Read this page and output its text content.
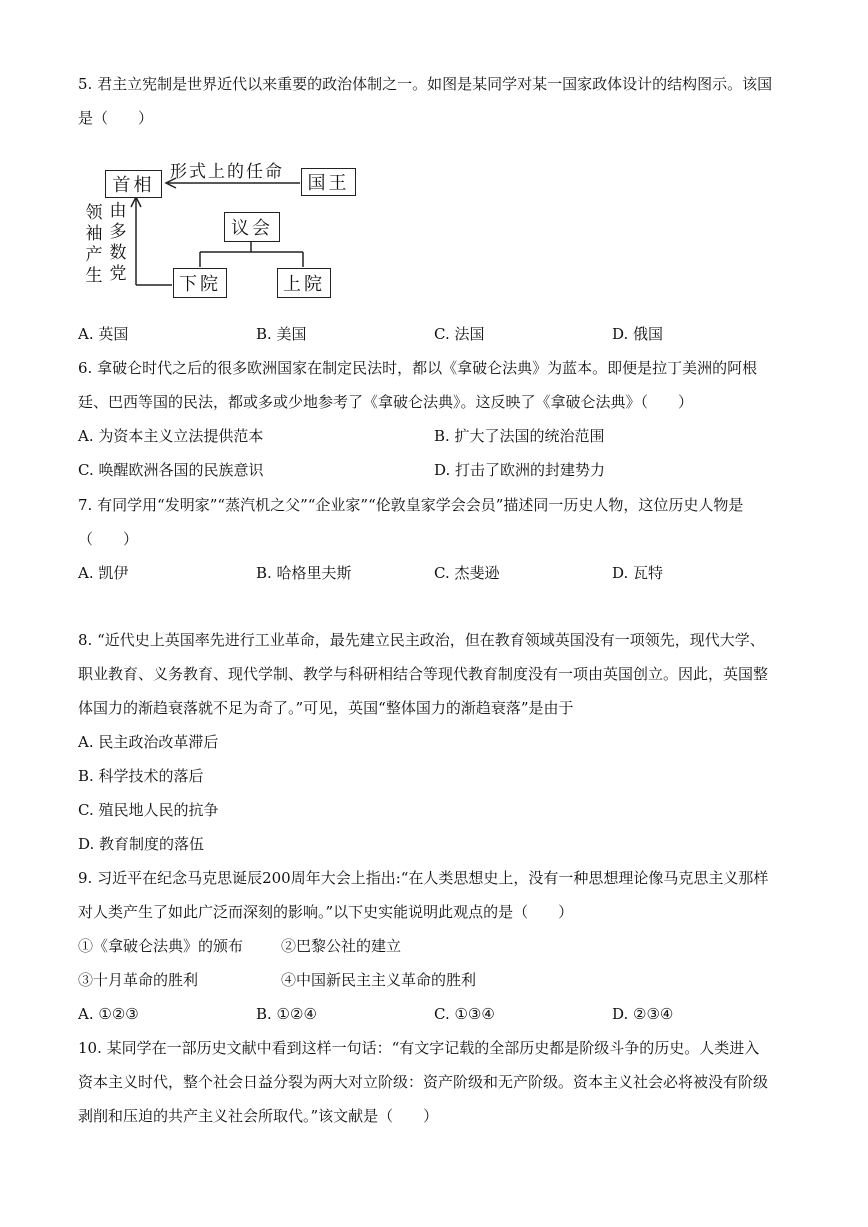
5. 君主立宪制是世界近代以来重要的政治体制之一。如图是某同学对某一国家政体设计的结构图示。该国
是（　　）
首相	国王
形式上的任命
议会
下院	上院
领袖产生
由多数党
A. 英国	B. 美国	C. 法国	D. 俄国
6. 拿破仑时代之后的很多欧洲国家在制定民法时，都以《拿破仑法典》为蓝本。即便是拉丁美洲的阿根
廷、巴西等国的民法，都或多或少地参考了《拿破仑法典》。这反映了《拿破仑法典》（　　）
A. 为资本主义立法提供范本	B. 扩大了法国的统治范围
C. 唤醒欧洲各国的民族意识	D. 打击了欧洲的封建势力
7. 有同学用“发明家”“蒸汽机之父”“企业家”“伦敦皇家学会会员”描述同一历史人物，这位历史人物是
（　　）
A. 凯伊	B. 哈格里夫斯	C. 杰斐逊	D. 瓦特
8. “近代史上英国率先进行工业革命，最先建立民主政治，但在教育领域英国没有一项领先，现代大学、
职业教育、义务教育、现代学制、教学与科研相结合等现代教育制度没有一项由英国创立。因此，英国整
体国力的渐趋衰落就不足为奇了。”可见，英国“整体国力的渐趋衰落”是由于
A. 民主政治改革滞后
B. 科学技术的落后
C. 殖民地人民的抗争
D. 教育制度的落伍
9. 习近平在纪念马克思诞辰200周年大会上指出:“在人类思想史上，没有一种思想理论像马克思主义那样
对人类产生了如此广泛而深刻的影响。”以下史实能说明此观点的是（　　）
①《拿破仑法典》的颁布	②巴黎公社的建立
③十月革命的胜利	④中国新民主主义革命的胜利
A. ①②③	B. ①②④	C. ①③④	D. ②③④
10. 某同学在一部历史文献中看到这样一句话：“有文字记载的全部历史都是阶级斗争的历史。人类进入
资本主义时代，整个社会日益分裂为两大对立阶级：资产阶级和无产阶级。资本主义社会必将被没有阶级
剥削和压迫的共产主义社会所取代。”该文献是（　　）
